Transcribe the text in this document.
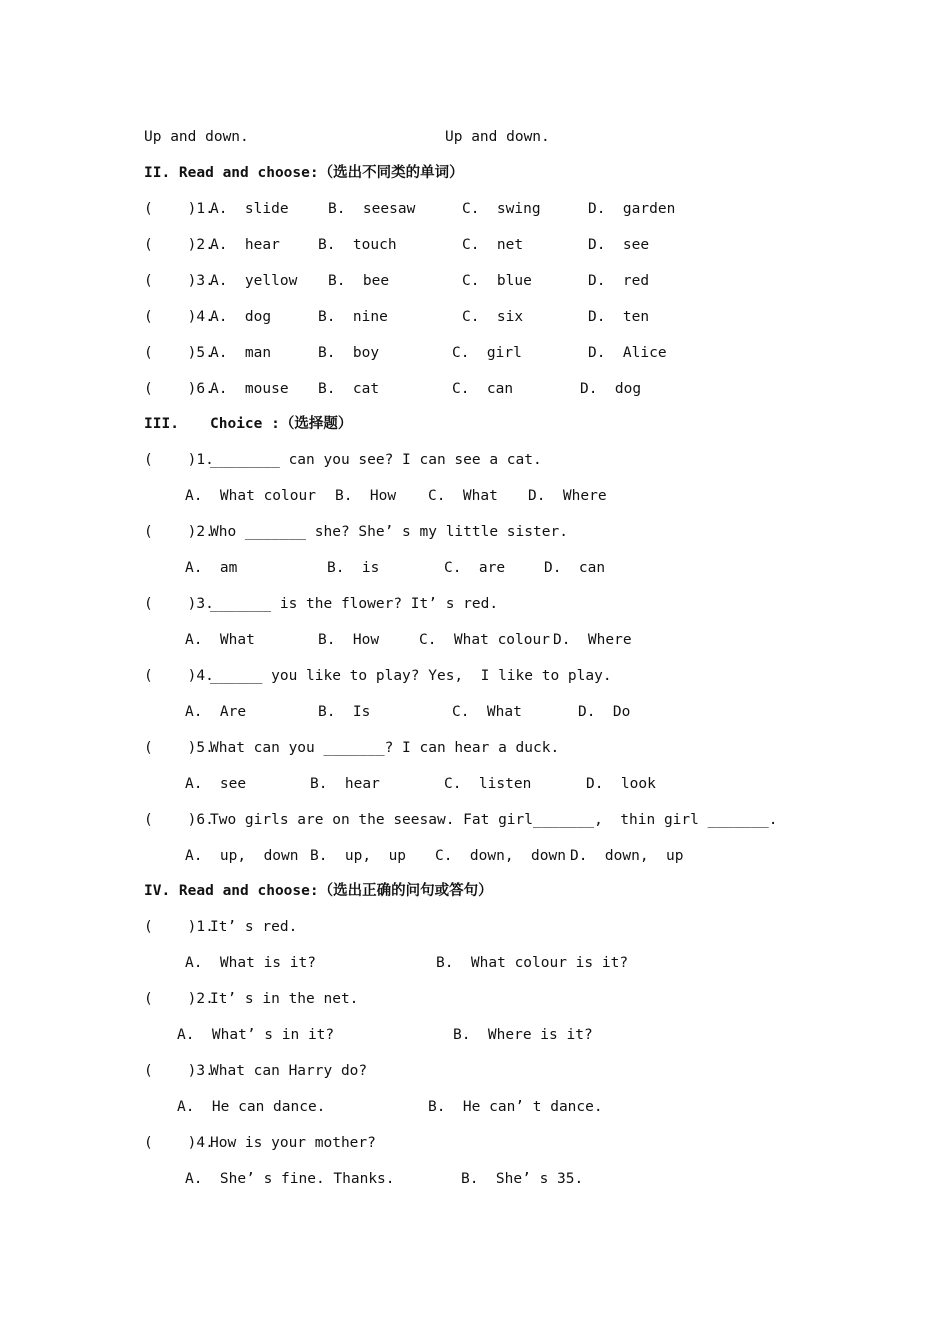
Up and down.	Up and down.
II. Read and choose:（选出不同类的单词）
(    )1.
A.  slide	B.  seesaw	C.  swing	D.  garden
(    )2.
A.  hear	B.  touch	C.  net	D.  see
(    )3.
A.  yellow B.  bee	C.  blue	D.  red
(    )4.
A.  dog	B.  nine	C.  six	D.  ten
(    )5.
A.  man	B.  boy	C.  girl	D.  Alice
(    )6.
A.  mouse B.  cat	C.  can	D.  dog
III. Choice :（选择题）
(    )1.
________ can you see? I can see a cat.
A.  What colour B.  How C.  What D.  Where
(    )2.
Who _______ she? She’ s my little sister.
A.  am	B.  is	C.  are	D.  can
(    )3.
_______ is the flower? It’ s red.
A.  What	B.  How	C.  What colour D.  Where
(    )4.
______ you like to play? Yes,  I like to play.
A.  Are	B.  Is	C.  What	D.  Do
(    )5.
What can you _______? I can hear a duck.
A.  see	B.  hear	C.  listen	D.  look
(    )6.
Two girls are on the seesaw. Fat girl_______,  thin girl _______.
A.  up,  down B.  up,  up C.  down,  down D.  down,  up
IV. Read and choose:（选出正确的问句或答句）
(    )1.
It’ s red.
A.  What is it?	B.  What colour is it?
(    )2.
It’ s in the net.
A.  What’ s in it?	B.  Where is it?
(    )3.
What can Harry do?
A.  He can dance.	B.  He can’ t dance.
(    )4.
How is your mother?
A.  She’ s fine. Thanks.	B.  She’ s 35.
